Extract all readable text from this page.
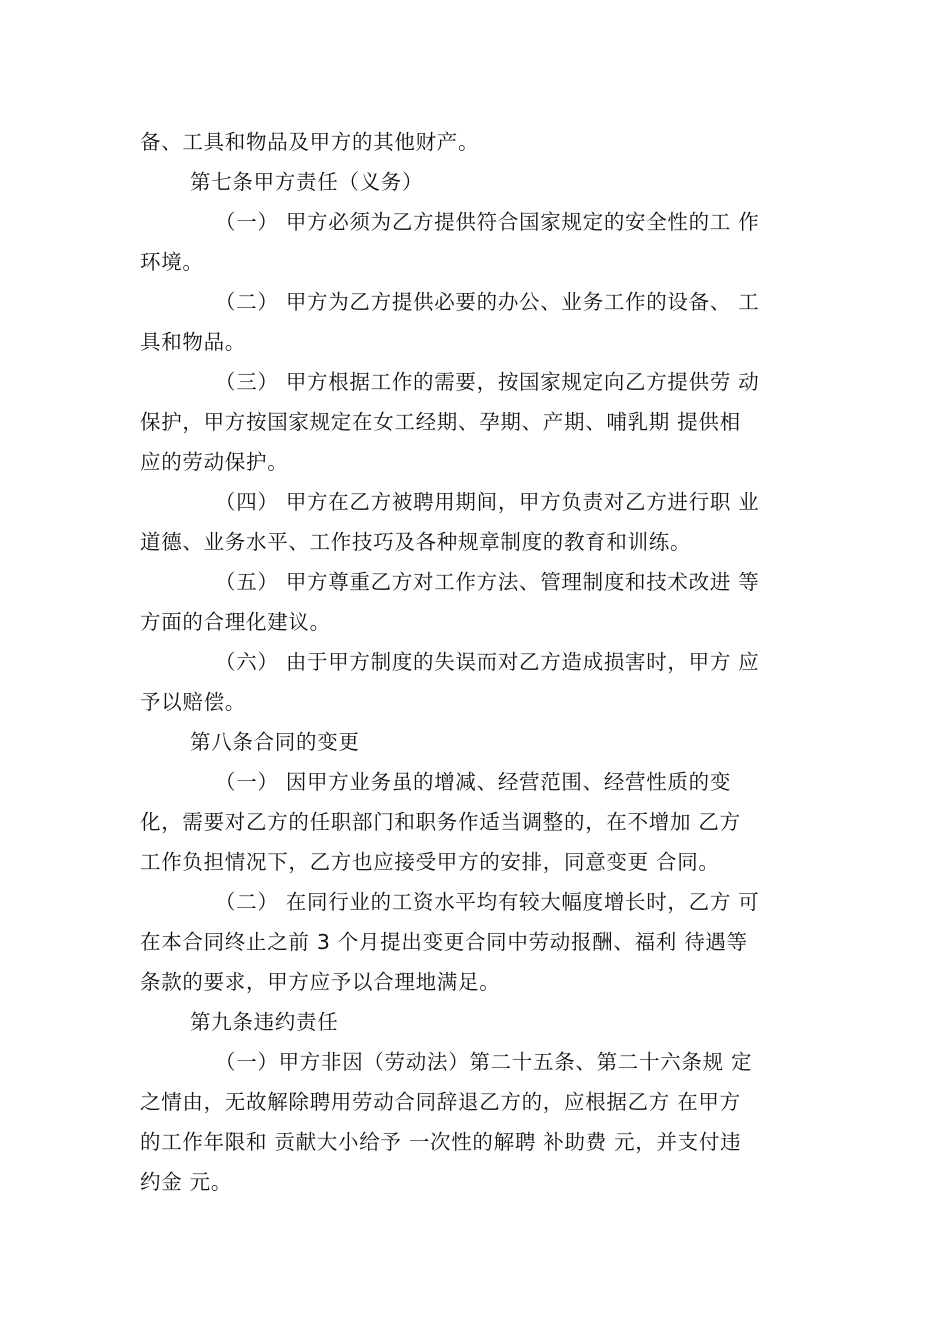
备、工具和物品及甲方的其他财产。
第七条甲方责任（义务）
（一） 甲方必须为乙方提供符合国家规定的安全性的工 作
环境。
（二） 甲方为乙方提供必要的办公、业务工作的设备、 工
具和物品。
（三） 甲方根据工作的需要，按国家规定向乙方提供劳 动
保护，甲方按国家规定在女工经期、孕期、产期、哺乳期 提供相
应的劳动保护。
（四） 甲方在乙方被聘用期间，甲方负责对乙方进行职 业
道德、业务水平、工作技巧及各种规章制度的教育和训练。
（五） 甲方尊重乙方对工作方法、管理制度和技术改进 等
方面的合理化建议。
（六） 由于甲方制度的失误而对乙方造成损害时，甲方 应
予以赔偿。
第八条合同的变更
（一） 因甲方业务虽的增减、经营范围、经营性质的变
化，需要对乙方的任职部门和职务作适当调整的，在不增加 乙方
工作负担情况下，乙方也应接受甲方的安排，同意变更 合同。
（二） 在同行业的工资水平均有较大幅度增长时，乙方 可
在本合同终止之前 3 个月提出变更合同中劳动报酬、福利 待遇等
条款的要求，甲方应予以合理地满足。
第九条违约责任
（一）甲方非因（劳动法）第二十五条、第二十六条规 定
之情由，无故解除聘用劳动合同辞退乙方的，应根据乙方 在甲方
的工作年限和 贡献大小给予 一次性的解聘 补助费 元，并支付违
约金 元。
